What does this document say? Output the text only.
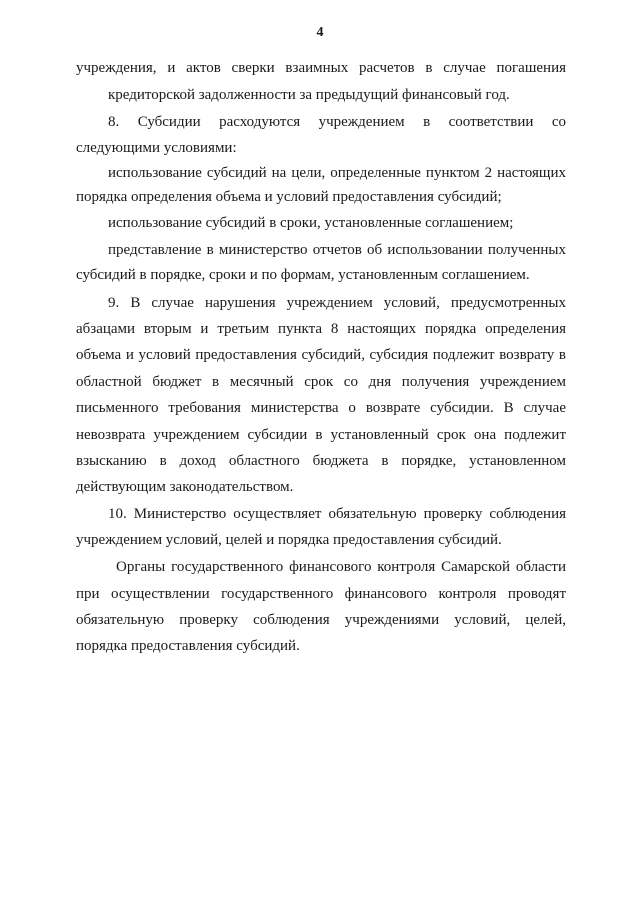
4
учреждения, и актов сверки взаимных расчетов в случае погашения
кредиторской задолженности за предыдущий финансовый год.
8. Субсидии расходуются учреждением в соответствии со
следующими условиями:
использование субсидий на цели, определенные пунктом 2 настоящих
порядка определения объема и условий предоставления субсидий;
использование субсидий в сроки, установленные соглашением;
представление в министерство отчетов об использовании полученных
субсидий в порядке, сроки и по формам, установленным соглашением.
9. В случае нарушения учреждением условий, предусмотренных
абзацами вторым и третьим пункта 8 настоящих порядка определения
объема и условий предоставления субсидий, субсидия подлежит возврату в
областной бюджет в месячный срок со дня получения учреждением
письменного требования министерства о возврате субсидии. В случае
невозврата учреждением субсидии в установленный срок она подлежит
взысканию в доход областного бюджета в порядке, установленном
действующим законодательством.
10. Министерство осуществляет обязательную проверку соблюдения
учреждением условий, целей и порядка предоставления субсидий.
Органы государственного финансового контроля Самарской области
при осуществлении государственного финансового контроля проводят
обязательную проверку соблюдения учреждениями условий, целей,
порядка предоставления субсидий.
